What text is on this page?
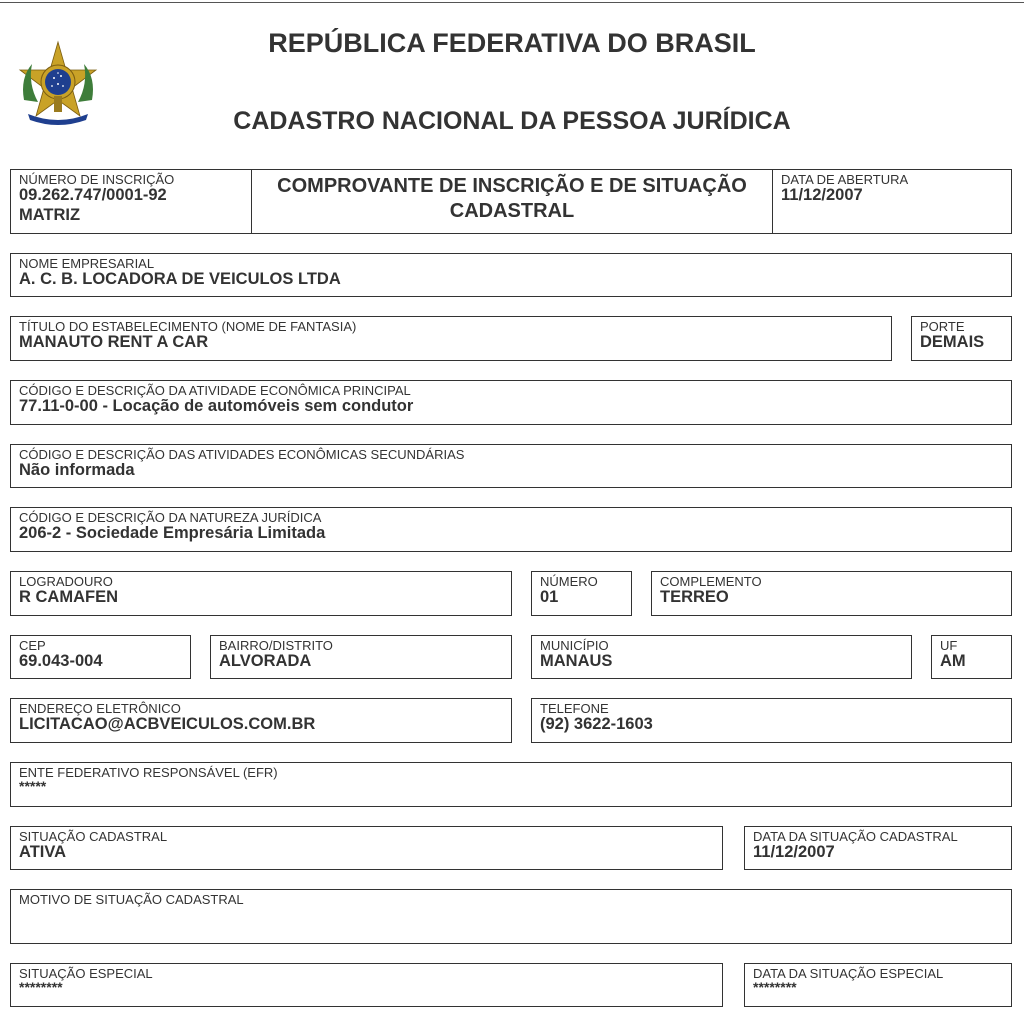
REPÚBLICA FEDERATIVA DO BRASIL
CADASTRO NACIONAL DA PESSOA JURÍDICA
NÚMERO DE INSCRIÇÃO
09.262.747/0001-92
MATRIZ
COMPROVANTE DE INSCRIÇÃO E DE SITUAÇÃO
CADASTRAL
DATA DE ABERTURA
11/12/2007
NOME EMPRESARIAL
A. C. B. LOCADORA DE VEICULOS LTDA
TÍTULO DO ESTABELECIMENTO (NOME DE FANTASIA)
MANAUTO RENT A CAR
PORTE
DEMAIS
CÓDIGO E DESCRIÇÃO DA ATIVIDADE ECONÔMICA PRINCIPAL
77.11-0-00 - Locação de automóveis sem condutor
CÓDIGO E DESCRIÇÃO DAS ATIVIDADES ECONÔMICAS SECUNDÁRIAS
Não informada
CÓDIGO E DESCRIÇÃO DA NATUREZA JURÍDICA
206-2 - Sociedade Empresária Limitada
LOGRADOURO
R CAMAFEN
NÚMERO
01
COMPLEMENTO
TERREO
CEP
69.043-004
BAIRRO/DISTRITO
ALVORADA
MUNICÍPIO
MANAUS
UF
AM
ENDEREÇO ELETRÔNICO
LICITACAO@ACBVEICULOS.COM.BR
TELEFONE
(92) 3622-1603
ENTE FEDERATIVO RESPONSÁVEL (EFR)
*****
SITUAÇÃO CADASTRAL
ATIVA
DATA DA SITUAÇÃO CADASTRAL
11/12/2007
MOTIVO DE SITUAÇÃO CADASTRAL
SITUAÇÃO ESPECIAL
********
DATA DA SITUAÇÃO ESPECIAL
********
